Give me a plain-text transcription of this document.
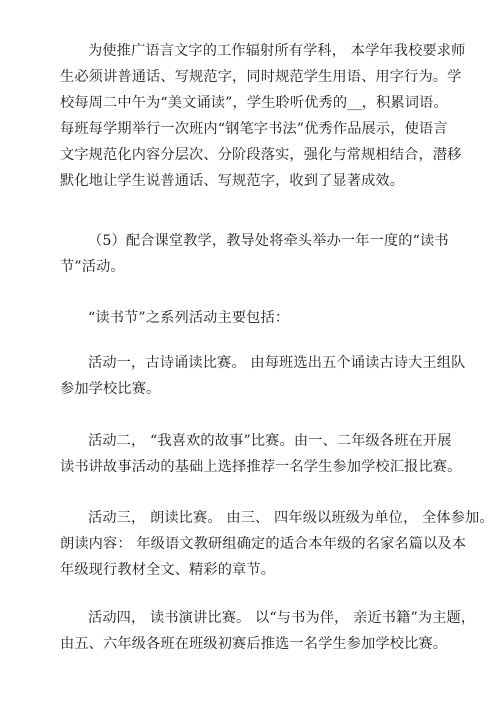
为使推广语言文字的工作辐射所有学科， 本学年我校要求师
生必须讲普通话、写规范字，同时规范学生用语、用字行为。学
校每周二中午为“美文诵读”，学生聆听优秀的__，积累词语。
每班每学期举行一次班内“钢笔字书法”优秀作品展示，使语言
文字规范化内容分层次、分阶段落实，强化与常规相结合，潜移
默化地让学生说普通话、写规范字，收到了显著成效。

（5）配合课堂教学，教导处将牵头举办一年一度的“读书
节”活动。

“读书节”之系列活动主要包括：

活动一，古诗诵读比赛。 由每班选出五个诵读古诗大王组队
参加学校比赛。

活动二， “我喜欢的故事”比赛。由一、二年级各班在开展
读书讲故事活动的基础上选择推荐一名学生参加学校汇报比赛。

活动三， 朗读比赛。 由三、 四年级以班级为单位， 全体参加。
朗读内容： 年级语文教研组确定的适合本年级的名家名篇以及本
年级现行教材全文、精彩的章节。

活动四， 读书演讲比赛。 以“与书为伴， 亲近书籍”为主题，
由五、六年级各班在班级初赛后推选一名学生参加学校比赛。
